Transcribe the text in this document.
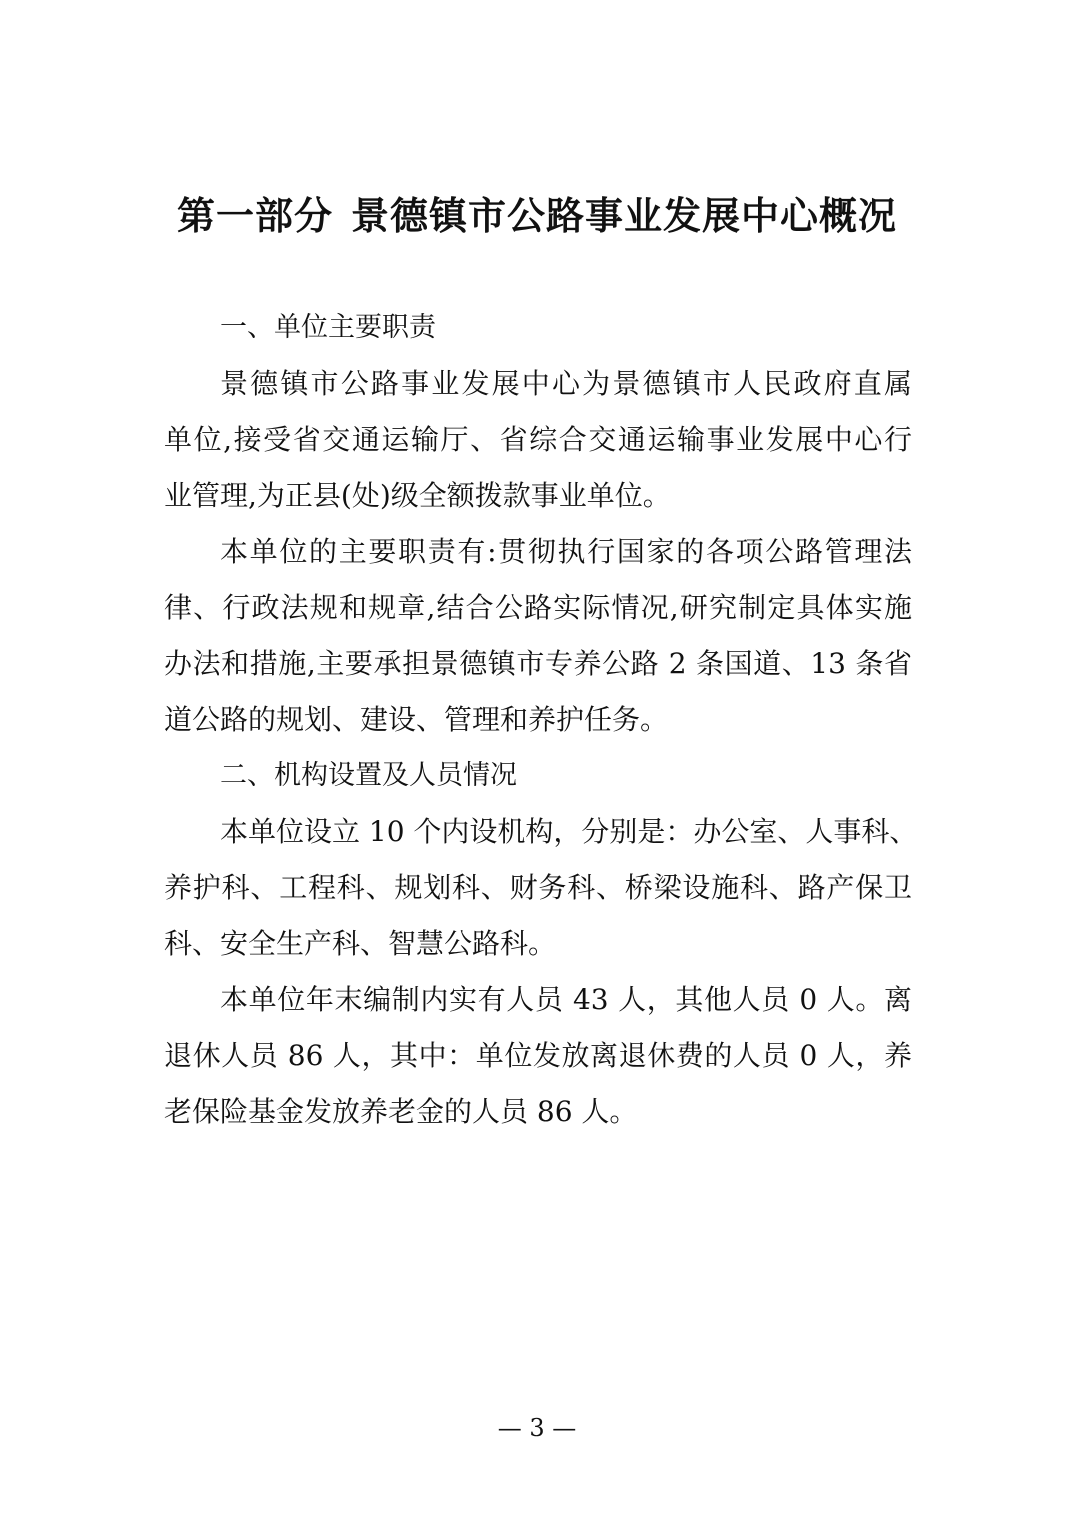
第一部分 景德镇市公路事业发展中心概况

一、单位主要职责

景德镇市公路事业发展中心为景德镇市人民政府直属
单位,接受省交通运输厅、省综合交通运输事业发展中心行
业管理,为正县(处)级全额拨款事业单位。

本单位的主要职责有:贯彻执行国家的各项公路管理法
律、行政法规和规章,结合公路实际情况,研究制定具体实施
办法和措施,主要承担景德镇市专养公路 2 条国道、13 条省
道公路的规划、建设、管理和养护任务。

二、机构设置及人员情况

本单位设立 10 个内设机构，分别是：办公室、人事科、
养护科、工程科、规划科、财务科、桥梁设施科、路产保卫
科、安全生产科、智慧公路科。

本单位年末编制内实有人员 43 人，其他人员 0 人。离
退休人员 86 人，其中：单位发放离退休费的人员 0 人，养
老保险基金发放养老金的人员 86 人。

— 3 —
